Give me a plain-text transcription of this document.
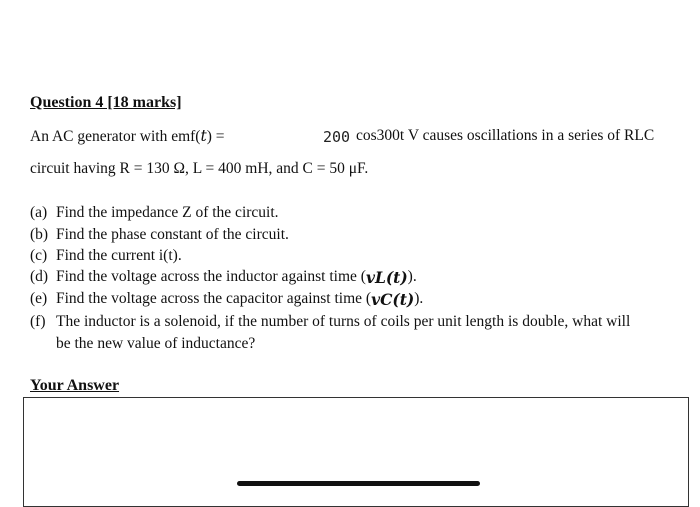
Question 4 [18 marks]
An AC generator with emf(t) =	200 cos300t V causes oscillations in a series of RLC
circuit having R = 130 Ω, L = 400 mH, and C = 50 μF.
(a) Find the impedance Z of the circuit.
(b) Find the phase constant of the circuit.
(c) Find the current i(t).
(d) Find the voltage across the inductor against time ( vL(t) ).
(e) Find the voltage across the capacitor against time ( vC(t) ).
(f) The inductor is a solenoid, if the number of turns of coils per unit length is double, what will
be the new value of inductance?
Your Answer
